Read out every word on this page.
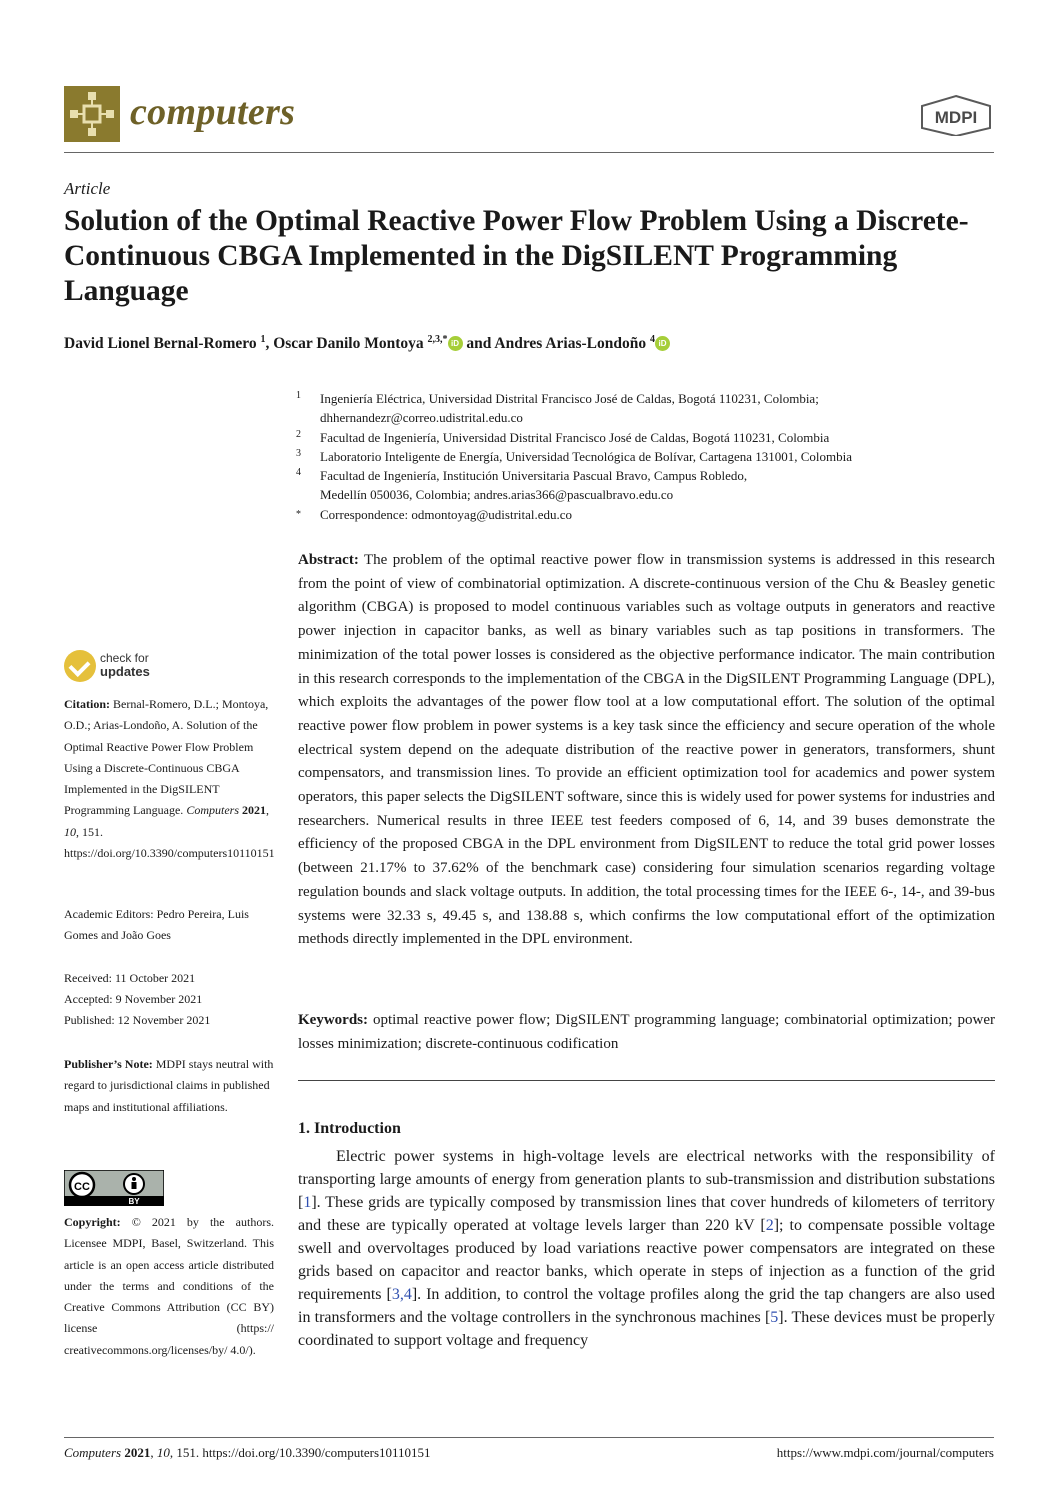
computers	MDPI
Article
Solution of the Optimal Reactive Power Flow Problem Using a Discrete-Continuous CBGA Implemented in the DigSILENT Programming Language
David Lionel Bernal-Romero $^1$, Oscar Danilo Montoya $^{2,3,*}$ iD and Andres Arias-Londoño $^4$ iD
1 Ingeniería Eléctrica, Universidad Distrital Francisco José de Caldas, Bogotá 110231, Colombia;
dhhernandezr@correo.udistrital.edu.co
2 Facultad de Ingeniería, Universidad Distrital Francisco José de Caldas, Bogotá 110231, Colombia
3 Laboratorio Inteligente de Energía, Universidad Tecnológica de Bolívar, Cartagena 131001, Colombia
4 Facultad de Ingeniería, Institución Universitaria Pascual Bravo, Campus Robledo,
Medellín 050036, Colombia; andres.arias366@pascualbravo.edu.co
* Correspondence: odmontoyag@udistrital.edu.co
Abstract: The problem of the optimal reactive power flow in transmission systems is addressed in this research from the point of view of combinatorial optimization. A discrete-continuous version of the Chu & Beasley genetic algorithm (CBGA) is proposed to model continuous variables such as voltage outputs in generators and reactive power injection in capacitor banks, as well as binary variables such as tap positions in transformers. The minimization of the total power losses is considered as the objective performance indicator. The main contribution in this research corresponds to the implementation of the CBGA in the DigSILENT Programming Language (DPL), which exploits the advantages of the power flow tool at a low computational effort. The solution of the optimal reactive power flow problem in power systems is a key task since the efficiency and secure operation of the whole electrical system depend on the adequate distribution of the reactive power in generators, transformers, shunt compensators, and transmission lines. To provide an efficient optimization tool for academics and power system operators, this paper selects the DigSILENT software, since this is widely used for power systems for industries and researchers. Numerical results in three IEEE test feeders composed of 6, 14, and 39 buses demonstrate the efficiency of the proposed CBGA in the DPL environment from DigSILENT to reduce the total grid power losses (between 21.17% to 37.62% of the benchmark case) considering four simulation scenarios regarding voltage regulation bounds and slack voltage outputs. In addition, the total processing times for the IEEE 6-, 14-, and 39-bus systems were 32.33 s, 49.45 s, and 138.88 s, which confirms the low computational effort of the optimization methods directly implemented in the DPL environment.
Keywords: optimal reactive power flow; DigSILENT programming language; combinatorial optimization; power losses minimization; discrete-continuous codification
check for
updates
Citation: Bernal-Romero, D.L.; Montoya, O.D.; Arias-Londoño, A. Solution of the Optimal Reactive Power Flow Problem Using a Discrete-Continuous CBGA Implemented in the DigSILENT Programming Language. Computers 2021, 10, 151. https://doi.org/10.3390/computers10110151
Academic Editors: Pedro Pereira, Luis Gomes and João Goes
Received: 11 October 2021
Accepted: 9 November 2021
Published: 12 November 2021
Publisher’s Note: MDPI stays neutral with regard to jurisdictional claims in published maps and institutional affiliations.
CC
BY
Copyright: © 2021 by the authors. Licensee MDPI, Basel, Switzerland. This article is an open access article distributed under the terms and conditions of the Creative Commons Attribution (CC BY) license (https:// creativecommons.org/licenses/by/ 4.0/).
1. Introduction

Electric power systems in high-voltage levels are electrical networks with the responsibility of transporting large amounts of energy from generation plants to sub-transmission and distribution substations [1]. These grids are typically composed by transmission lines that cover hundreds of kilometers of territory and these are typically operated at voltage levels larger than 220 kV [2]; to compensate possible voltage swell and overvoltages produced by load variations reactive power compensators are integrated on these grids based on capacitor and reactor banks, which operate in steps of injection as a function of the grid requirements [3,4]. In addition, to control the voltage profiles along the grid the tap changers are also used in transformers and the voltage controllers in the synchronous machines [5]. These devices must be properly coordinated to support voltage and frequency

Computers 2021, 10, 151. https://doi.org/10.3390/computers10110151	https://www.mdpi.com/journal/computers
